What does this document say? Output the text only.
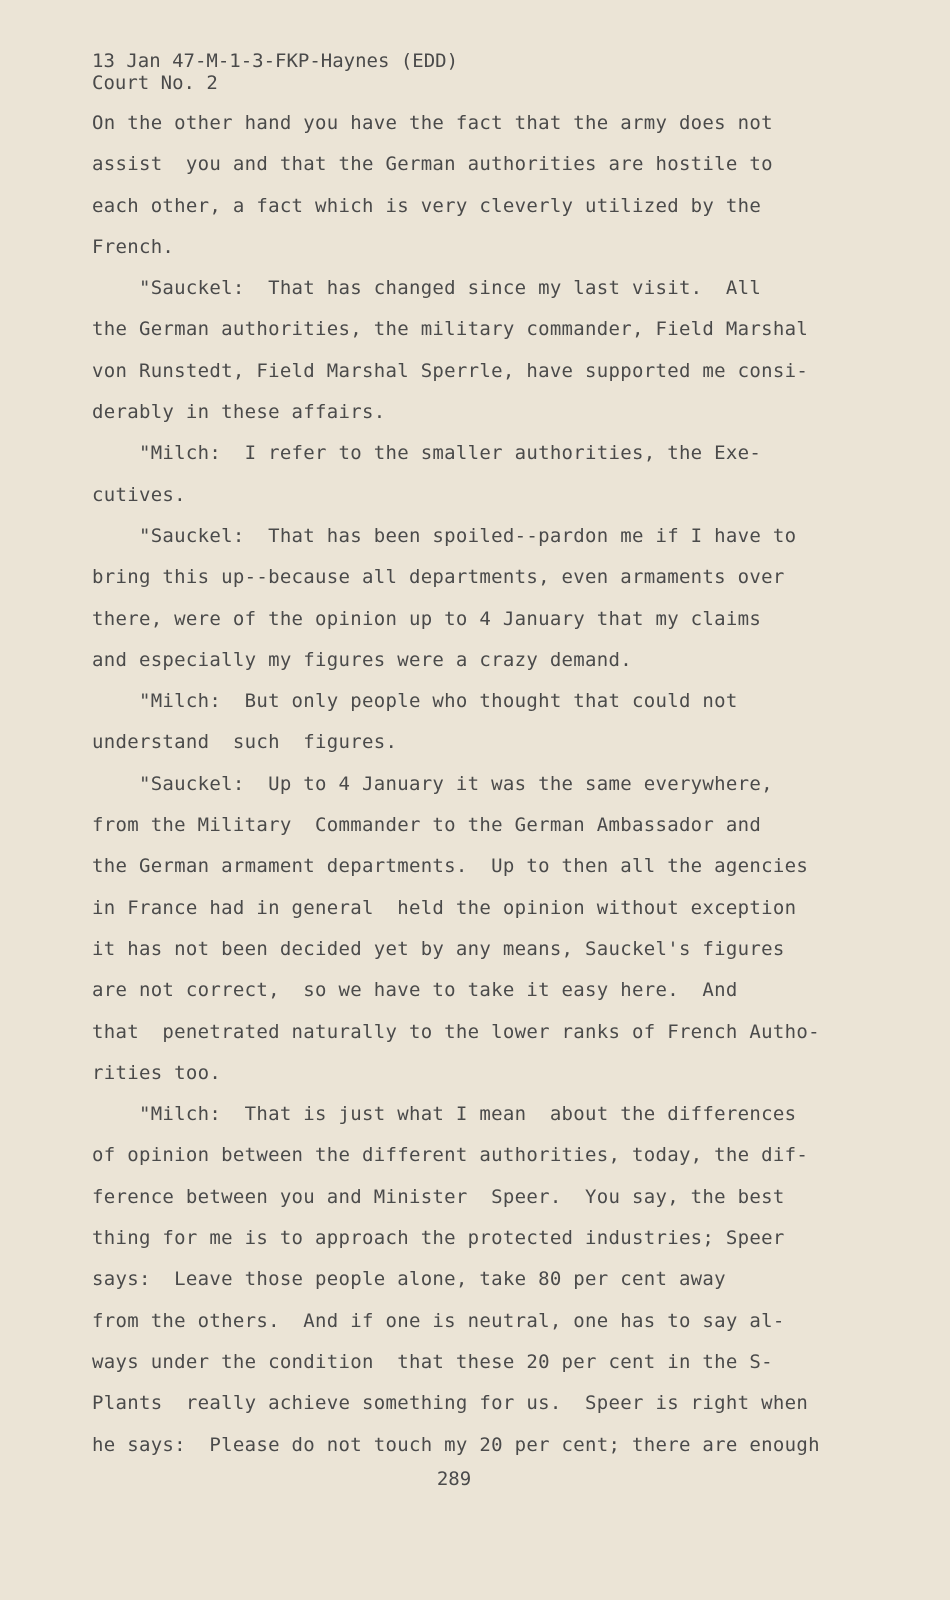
13 Jan 47-M-1-3-FKP-Haynes (EDD)
Court No. 2
On the other hand you have the fact that the army does not
assist  you and that the German authorities are hostile to
each other, a fact which is very cleverly utilized by the
French.
"Sauckel:  That has changed since my last visit.  All
the German authorities, the military commander, Field Marshal
von Runstedt, Field Marshal Sperrle, have supported me consi-
derably in these affairs.
"Milch:  I refer to the smaller authorities, the Exe-
cutives.
"Sauckel:  That has been spoiled--pardon me if I have to
bring this up--because all departments, even armaments over
there, were of the opinion up to 4 January that my claims
and especially my figures were a crazy demand.
"Milch:  But only people who thought that could not
understand  such  figures.
"Sauckel:  Up to 4 January it was the same everywhere,
from the Military  Commander to the German Ambassador and
the German armament departments.  Up to then all the agencies
in France had in general  held the opinion without exception
it has not been decided yet by any means, Sauckel's figures
are not correct,  so we have to take it easy here.  And
that  penetrated naturally to the lower ranks of French Autho-
rities too.
"Milch:  That is just what I mean  about the differences
of opinion between the different authorities, today, the dif-
ference between you and Minister  Speer.  You say, the best
thing for me is to approach the protected industries; Speer
says:  Leave those people alone, take 80 per cent away
from the others.  And if one is neutral, one has to say al-
ways under the condition  that these 20 per cent in the S-
Plants  really achieve something for us.  Speer is right when
he says:  Please do not touch my 20 per cent; there are enough
289
